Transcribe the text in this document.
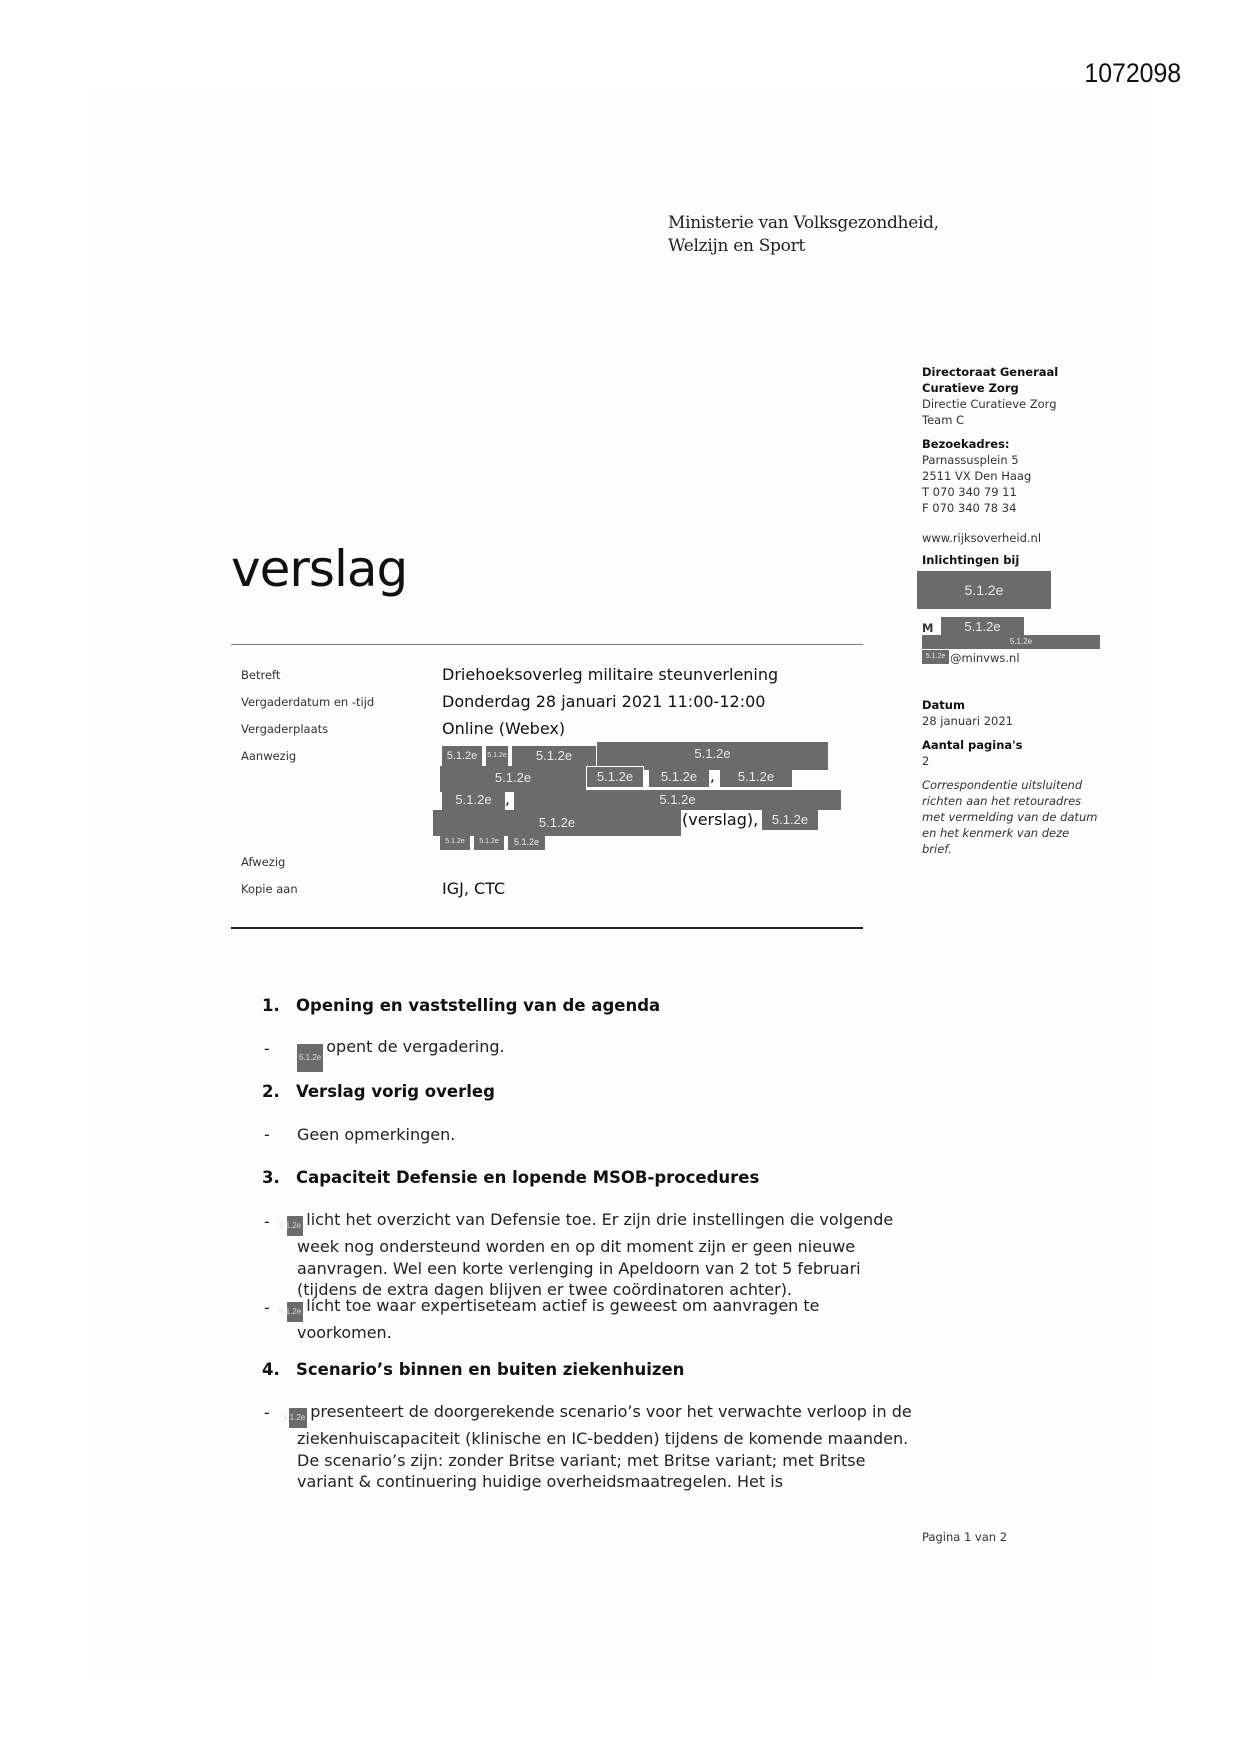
1072098
Ministerie van Volksgezondheid,
Welzijn en Sport
verslag
Betreft	Driehoeksoverleg militaire steunverlening
Vergaderdatum en -tijd	Donderdag 28 januari 2021 11:00-12:00
Vergaderplaats	Online (Webex)
Aanwezig	5.1.2e	5.1.2e	5.1.2e	5.1.2e
5.1.2e	5.1.2e	5.1.2e ,	5.1.2e
5.1.2e ,	5.1.2e
5.1.2e	(verslag),	5.1.2e
5.1.2e	5.1.2e	5.1.2e
Afwezig
Kopie aan	IGJ, CTC
Directoraat Generaal
Curatieve Zorg
Directie Curatieve Zorg
Team C
Bezoekadres:
Parnassusplein 5
2511 VX Den Haag
T 070 340 79 11
F 070 340 78 34
www.rijksoverheid.nl
Inlichtingen bij
5.1.2e
M	5.1.2e
5.1.2e
5.1.2e @minvws.nl
Datum
28 januari 2021
Aantal pagina's
2
Correspondentie uitsluitend
richten aan het retouradres
met vermelding van de datum
en het kenmerk van deze
brief.
1. Opening en vaststelling van de agenda
-	5.1.2eopent de vergadering.
2. Verslag vorig overleg
- Geen opmerkingen.
3. Capaciteit Defensie en lopende MSOB-procedures
- 5.1.2e licht het overzicht van Defensie toe. Er zijn drie instellingen die volgende week nog ondersteund worden en op dit moment zijn er geen nieuwe aanvragen. Wel een korte verlenging in Apeldoorn van 2 tot 5 februari (tijdens de extra dagen blijven er twee coördinatoren achter).
- 5.1.2e licht toe waar expertiseteam actief is geweest om aanvragen te voorkomen.
4. Scenario’s binnen en buiten ziekenhuizen
- 5.1.2e presenteert de doorgerekende scenario’s voor het verwachte verloop in de ziekenhuiscapaciteit (klinische en IC-bedden) tijdens de komende maanden. De scenario’s zijn: zonder Britse variant; met Britse variant; met Britse variant & continuering huidige overheidsmaatregelen. Het is
Pagina 1 van 2
